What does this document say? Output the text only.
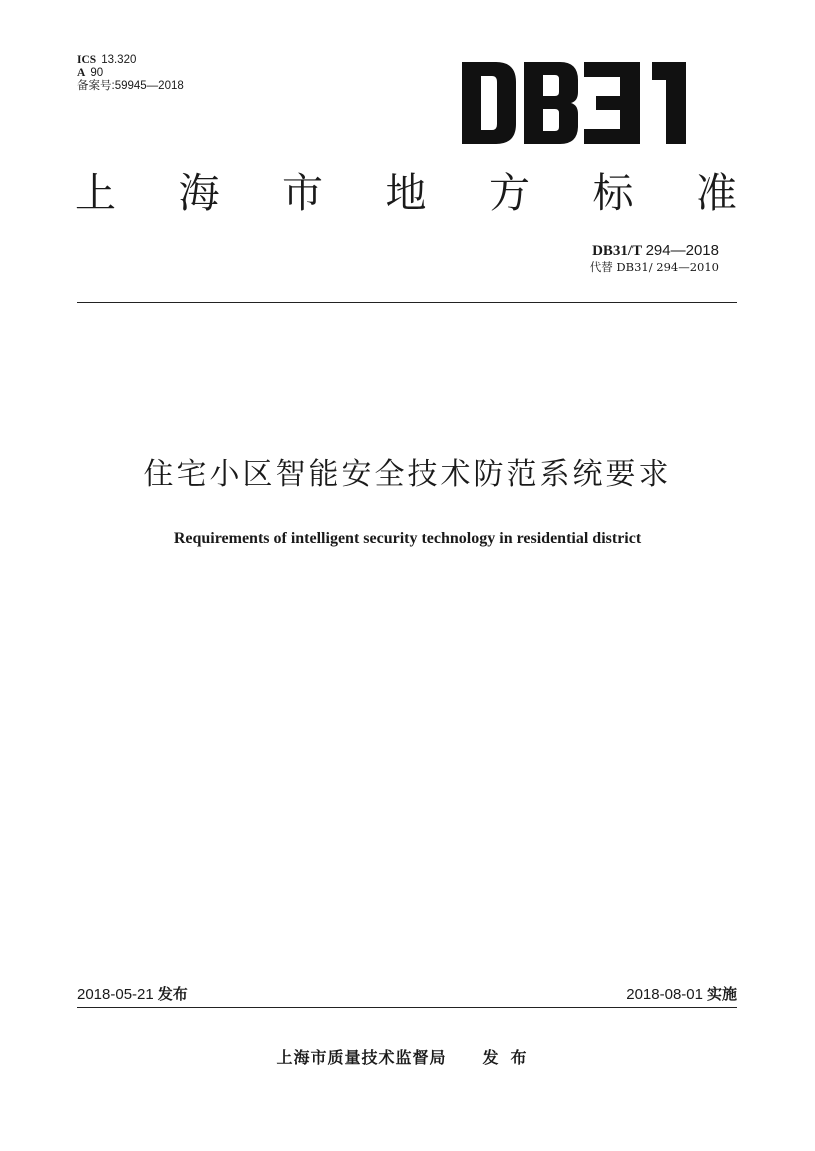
ICS 13.320
A 90
备案号:59945—2018
上 海 市 地 方 标 准
DB31/T 294—2018
代替 DB31/ 294—2010
住宅小区智能安全技术防范系统要求
Requirements of intelligent security technology in residential district
2018-05-21 发布	2018-08-01 实施
上海市质量技术监督局 发布
